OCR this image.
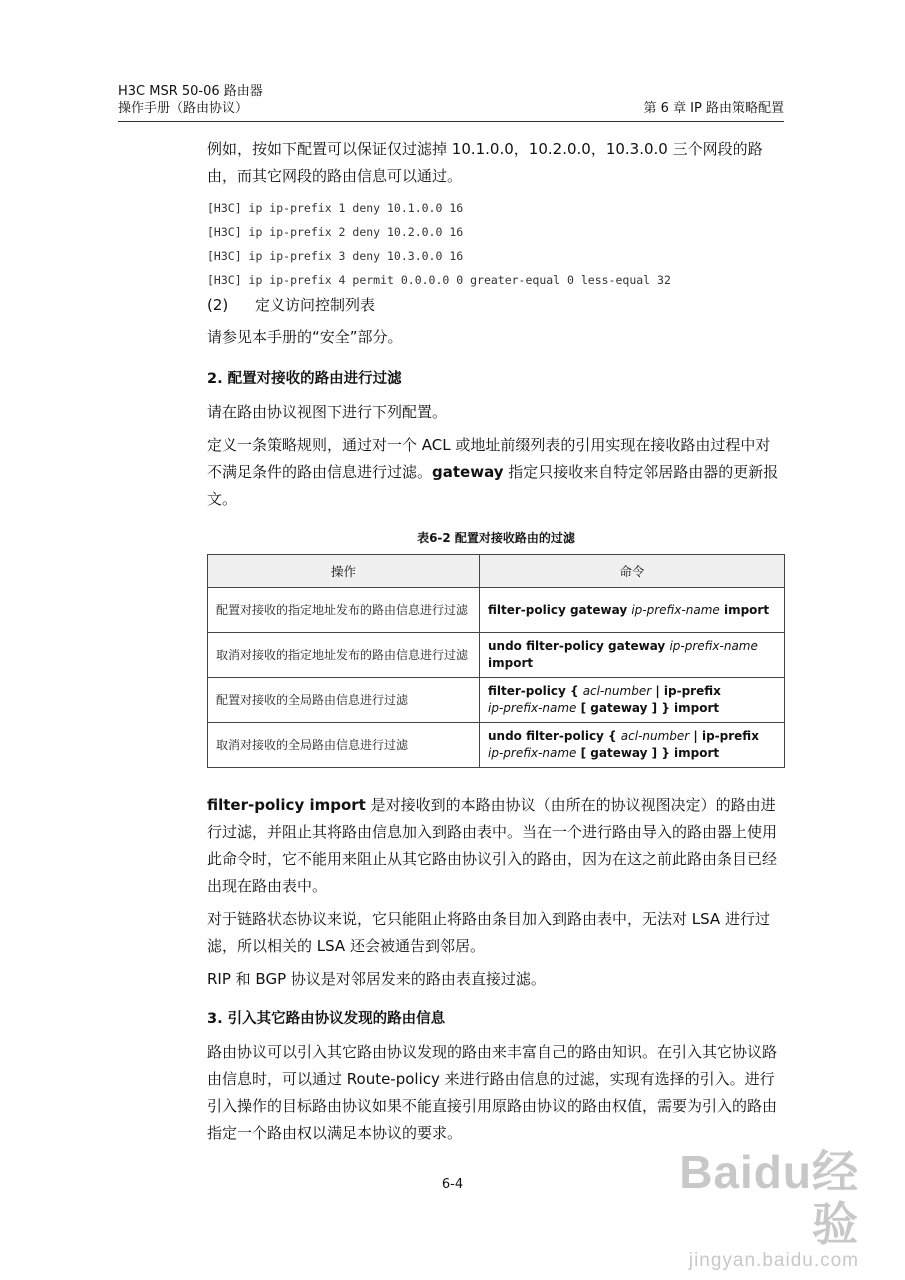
H3C MSR 50-06 路由器
操作手册（路由协议）	第 6 章 IP 路由策略配置

例如，按如下配置可以保证仅过滤掉 10.1.0.0，10.2.0.0，10.3.0.0 三个网段的路由，而其它网段的路由信息可以通过。

[H3C] ip ip-prefix 1 deny 10.1.0.0 16
[H3C] ip ip-prefix 2 deny 10.2.0.0 16
[H3C] ip ip-prefix 3 deny 10.3.0.0 16
[H3C] ip ip-prefix 4 permit 0.0.0.0 0 greater-equal 0 less-equal 32
(2) 定义访问控制列表

请参见本手册的“安全”部分。

2. 配置对接收的路由进行过滤

请在路由协议视图下进行下列配置。

定义一条策略规则，通过对一个 ACL 或地址前缀列表的引用实现在接收路由过程中对不满足条件的路由信息进行过滤。gateway 指定只接收来自特定邻居路由器的更新报文。

表6-2 配置对接收路由的过滤
操作	命令
配置对接收的指定地址发布的路由信息进行过滤	filter-policy gateway ip-prefix-name import
取消对接收的指定地址发布的路由信息进行过滤	undo filter-policy gateway ip-prefix-name
import
配置对接收的全局路由信息进行过滤	filter-policy { acl-number | ip-prefix
ip-prefix-name [ gateway ] } import
取消对接收的全局路由信息进行过滤	undo filter-policy { acl-number | ip-prefix
ip-prefix-name [ gateway ] } import

filter-policy import 是对接收到的本路由协议（由所在的协议视图决定）的路由进行过滤，并阻止其将路由信息加入到路由表中。当在一个进行路由导入的路由器上使用此命令时，它不能用来阻止从其它路由协议引入的路由，因为在这之前此路由条目已经出现在路由表中。

对于链路状态协议来说，它只能阻止将路由条目加入到路由表中，无法对 LSA 进行过滤，所以相关的 LSA 还会被通告到邻居。

RIP 和 BGP 协议是对邻居发来的路由表直接过滤。

3. 引入其它路由协议发现的路由信息

路由协议可以引入其它路由协议发现的路由来丰富自己的路由知识。在引入其它协议路由信息时，可以通过 Route-policy 来进行路由信息的过滤，实现有选择的引入。进行引入操作的目标路由协议如果不能直接引用原路由协议的路由权值，需要为引入的路由指定一个路由权以满足本协议的要求。

6-4	Baidu经验
jingyan.baidu.com
